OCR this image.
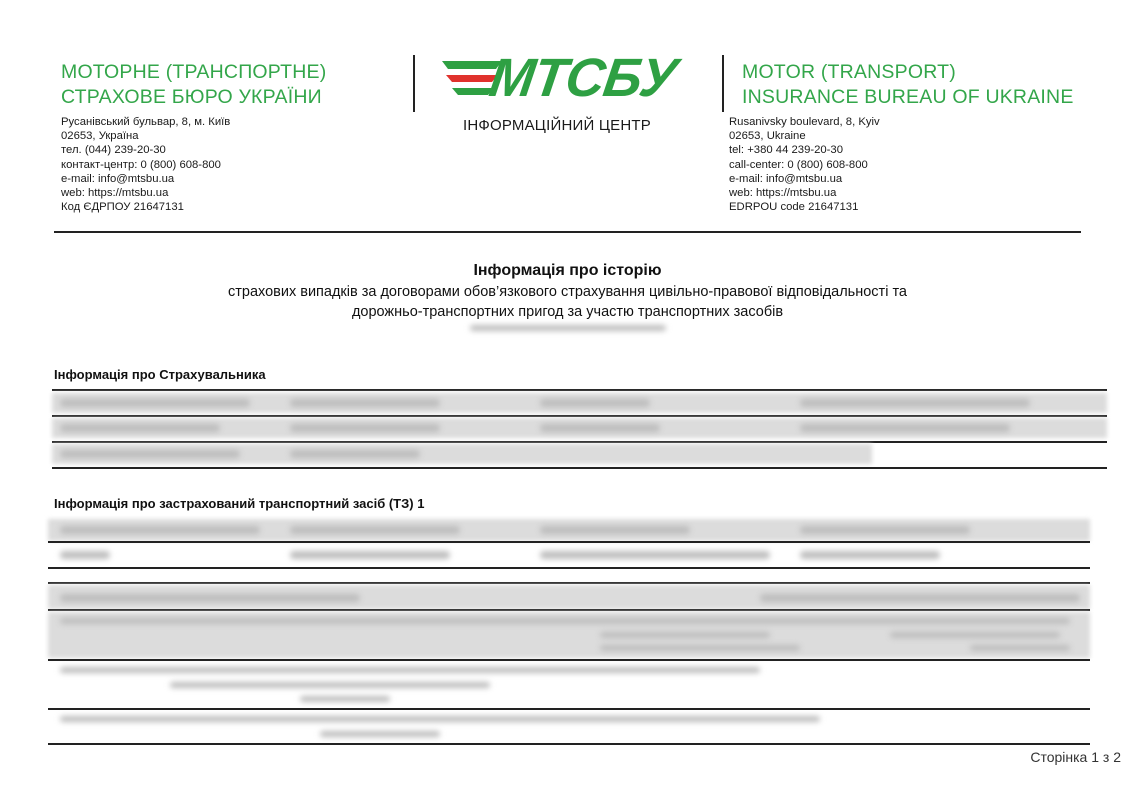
МОТОРНЕ (ТРАНСПОРТНЕ)
СТРАХОВЕ БЮРО УКРАЇНИ
Русанівський бульвар, 8, м. Київ
02653, Україна
тел. (044) 239-20-30
контакт-центр: 0 (800) 608-800
e-mail: info@mtsbu.ua
web: https://mtsbu.ua
Код ЄДРПОУ 21647131
МТСБУ
ІНФОРМАЦІЙНИЙ ЦЕНТР
MOTOR (TRANSPORT)
INSURANCE BUREAU OF UKRAINE
Rusanivsky boulevard, 8, Kyiv
02653, Ukraine
tel: +380 44 239-20-30
call-center: 0 (800) 608-800
e-mail: info@mtsbu.ua
web: https://mtsbu.ua
EDRPOU code 21647131
Інформація про історію
страхових випадків за договорами обов’язкового страхування цивільно-правової відповідальності та
дорожньо-транспортних пригод за участю транспортних засобів
Інформація про Страхувальника
Інформація про застрахований транспортний засіб (ТЗ) 1
Сторінка 1 з 2
